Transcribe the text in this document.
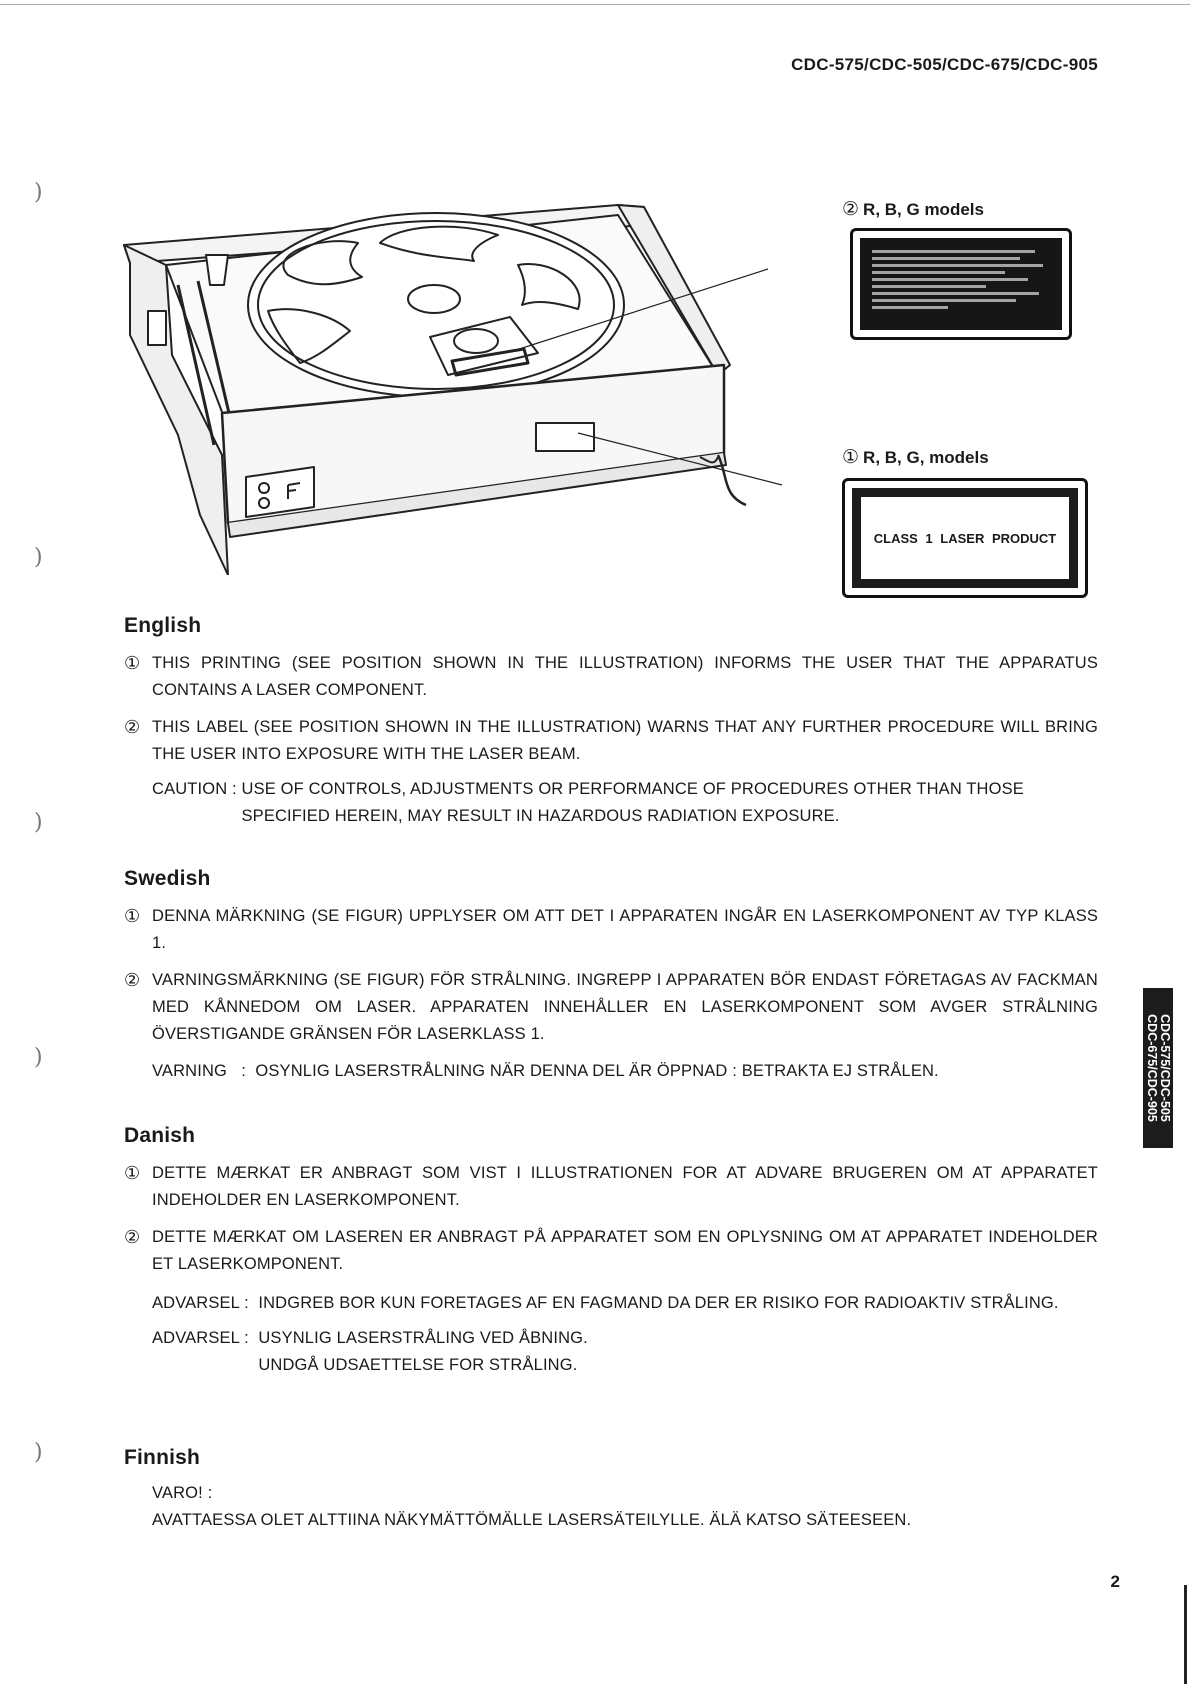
CDC-575/CDC-505/CDC-675/CDC-905
CDC-575/CDC-505
CDC-675/CDC-905
)
)
)
)
)
② R, B, G models
① R, B, G, models
CLASS 1 LASER PRODUCT
English
① THIS PRINTING (SEE POSITION SHOWN IN THE ILLUSTRATION) INFORMS THE USER THAT THE APPARATUS CONTAINS A LASER COMPONENT.
② THIS LABEL (SEE POSITION SHOWN IN THE ILLUSTRATION) WARNS THAT ANY FURTHER PROCEDURE WILL BRING THE USER INTO EXPOSURE WITH THE LASER BEAM.
CAUTION : USE OF CONTROLS, ADJUSTMENTS OR PERFORMANCE OF PROCEDURES OTHER THAN THOSE SPECIFIED HEREIN, MAY RESULT IN HAZARDOUS RADIATION EXPOSURE.
Swedish
① DENNA MÄRKNING (SE FIGUR) UPPLYSER OM ATT DET I APPARATEN INGÅR EN LASERKOMPONENT AV TYP KLASS 1.
② VARNINGSMÄRKNING (SE FIGUR) FÖR STRÅLNING. INGREPP I APPARATEN BÖR ENDAST FÖRETAGAS AV FACKMAN MED KÅNNEDOM OM LASER. APPARATEN INNEHÅLLER EN LASERKOMPONENT SOM AVGER STRÅLNING ÖVERSTIGANDE GRÄNSEN FÖR LASERKLASS 1.
VARNING   : OSYNLIG LASERSTRÅLNING NÄR DENNA DEL ÄR ÖPPNAD : BETRAKTA EJ STRÅLEN.
Danish
① DETTE MÆRKAT ER ANBRAGT SOM VIST I ILLUSTRATIONEN FOR AT ADVARE BRUGEREN OM AT APPARATET INDEHOLDER EN LASERKOMPONENT.
② DETTE MÆRKAT OM LASEREN ER ANBRAGT PÅ APPARATET SOM EN OPLYSNING OM AT APPARATET INDEHOLDER ET LASERKOMPONENT.
ADVARSEL : INDGREB BOR KUN FORETAGES AF EN FAGMAND DA DER ER RISIKO FOR RADIOAKTIV STRÅLING.
ADVARSEL : USYNLIG LASERSTRÅLING VED ÅBNING.
UNDGÅ UDSAETTELSE FOR STRÅLING.
Finnish
VARO! :
AVATTAESSA OLET ALTTIINA NÄKYMÄTTÖMÄLLE LASERSÄTEILYLLE. ÄLÄ KATSO SÄTEESEEN.
2
